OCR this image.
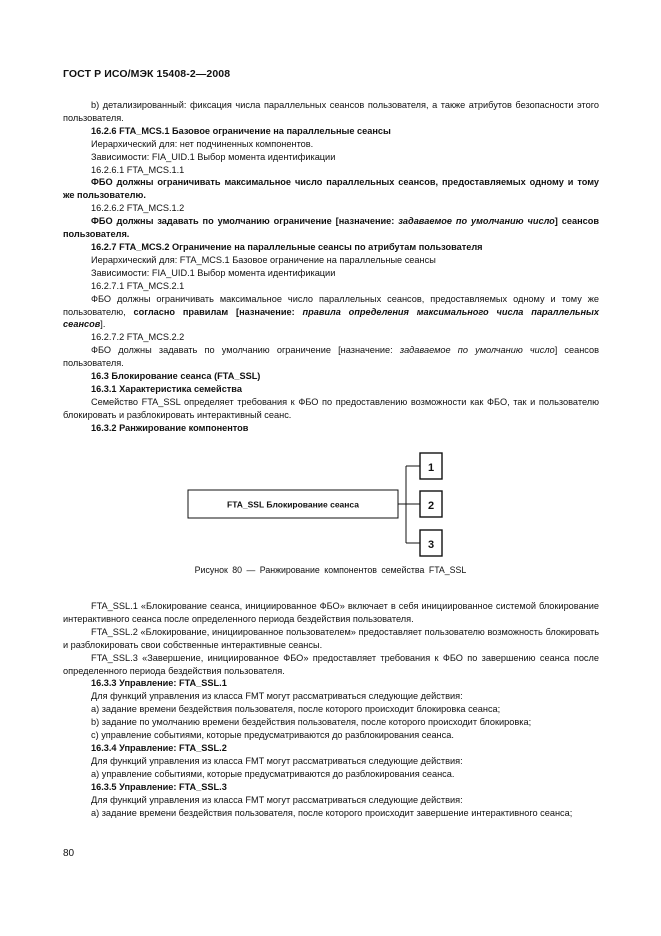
ГОСТ Р ИСО/МЭК 15408-2—2008

b) детализированный: фиксация числа параллельных сеансов пользователя, а также атрибутов безопасности этого пользователя.

16.2.6 FTA_MCS.1 Базовое ограничение на параллельные сеансы

Иерархический для: нет подчиненных компонентов.

Зависимости: FIA_UID.1 Выбор момента идентификации

16.2.6.1 FTA_MCS.1.1

ФБО должны ограничивать максимальное число параллельных сеансов, предоставляемых одному и тому же пользователю.

16.2.6.2 FTA_MCS.1.2

ФБО должны задавать по умолчанию ограничение [назначение: задаваемое по умолчанию число] сеансов пользователя.

16.2.7 FTA_MCS.2 Ограничение на параллельные сеансы по атрибутам пользователя

Иерархический для: FTA_MCS.1 Базовое ограничение на параллельные сеансы

Зависимости: FIA_UID.1 Выбор момента идентификации

16.2.7.1 FTA_MCS.2.1

ФБО должны ограничивать максимальное число параллельных сеансов, предоставляемых одному и тому же пользователю, согласно правилам [назначение: правила определения максимального числа параллельных сеансов].

16.2.7.2 FTA_MCS.2.2

ФБО должны задавать по умолчанию ограничение [назначение: задаваемое по умолчанию число] сеансов пользователя.

16.3 Блокирование сеанса (FTA_SSL)

16.3.1 Характеристика семейства

Семейство FTA_SSL определяет требования к ФБО по предоставлению возможности как ФБО, так и пользователю блокировать и разблокировать интерактивный сеанс.

16.3.2 Ранжирование компонентов

FTA_SSL Блокирование сеанса
1
2
3
Рисунок 80 — Ранжирование компонентов семейства FTA_SSL

FTA_SSL.1 «Блокирование сеанса, инициированное ФБО» включает в себя инициированное системой блокирование интерактивного сеанса после определенного периода бездействия пользователя.

FTA_SSL.2 «Блокирование, инициированное пользователем» предоставляет пользователю возможность блокировать и разблокировать свои собственные интерактивные сеансы.

FTA_SSL.3 «Завершение, инициированное ФБО» предоставляет требования к ФБО по завершению сеанса после определенного периода бездействия пользователя.

16.3.3 Управление: FTA_SSL.1

Для функций управления из класса FMT могут рассматриваться следующие действия:

а) задание времени бездействия пользователя, после которого происходит блокировка сеанса;

b) задание по умолчанию времени бездействия пользователя, после которого происходит блокировка;

c) управление событиями, которые предусматриваются до разблокирования сеанса.

16.3.4 Управление: FTA_SSL.2

Для функций управления из класса FMT могут рассматриваться следующие действия:

а) управление событиями, которые предусматриваются до разблокирования сеанса.

16.3.5 Управление: FTA_SSL.3

Для функций управления из класса FMT могут рассматриваться следующие действия:

а) задание времени бездействия пользователя, после которого происходит завершение интерактивного сеанса;

80
